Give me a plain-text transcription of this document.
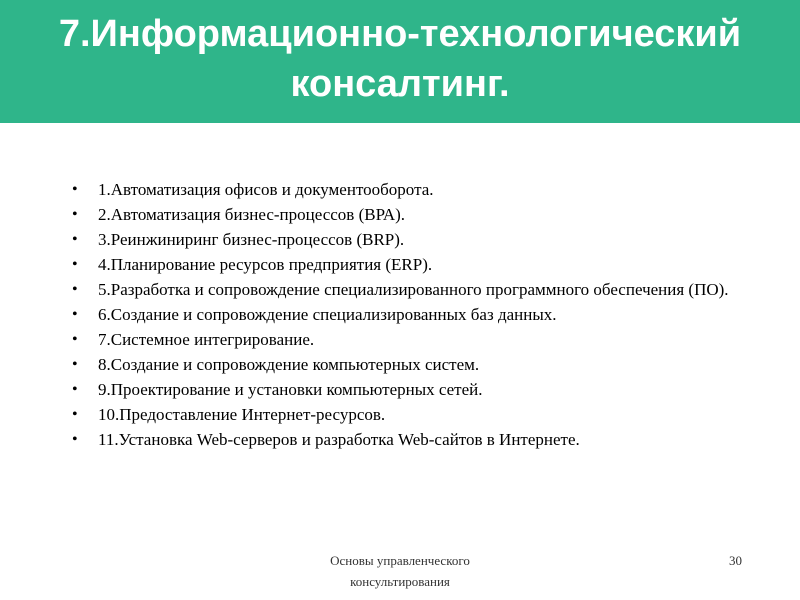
7.Информационно-технологический
консалтинг.
• 1.Автоматизация офисов и документооборота.
• 2.Автоматизация бизнес-процессов (ВРА).
• 3.Реинжиниринг бизнес-процессов (BRP).
• 4.Планирование ресурсов предприятия (ERP).
• 5.Разработка и сопровождение специализированного программного обеспечения (ПО).
• 6.Создание и сопровождение специализированных баз данных.
• 7.Системное интегрирование.
• 8.Создание и сопровождение компьютерных систем.
• 9.Проектирование и установки компьютерных сетей.
• 10.Предоставление Интернет-ресурсов.
• 11.Установка Web-серверов и разработка Web-сайтов в Интернете.
Основы управленческого
консультирования
30
